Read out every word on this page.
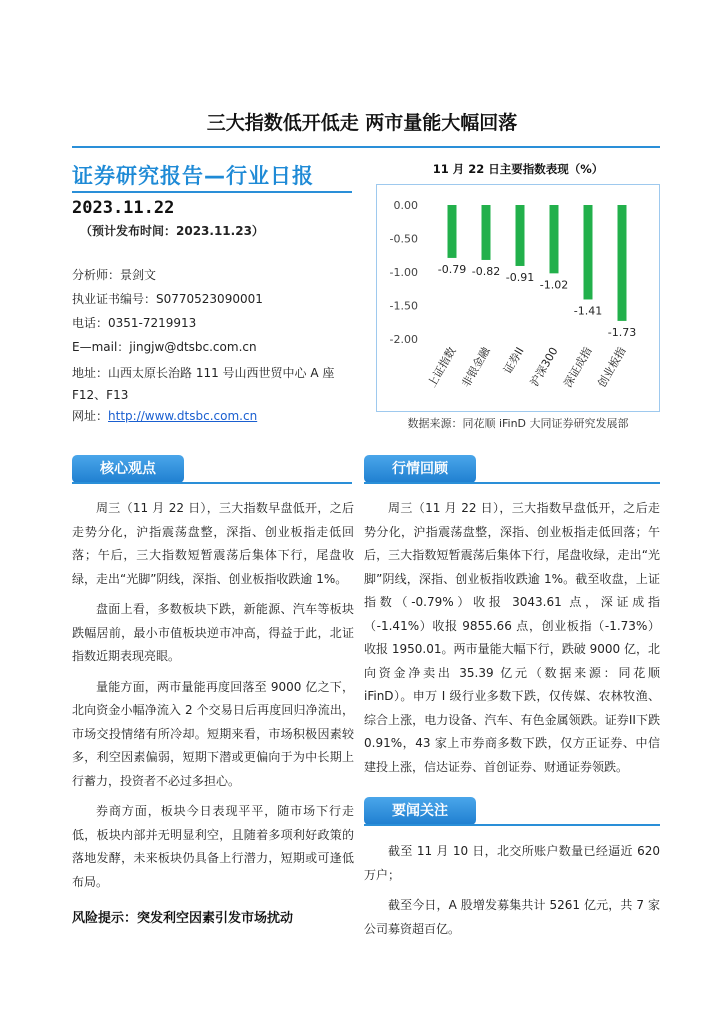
三大指数低开低走 两市量能大幅回落
证券研究报告—行业日报
2023.11.22
（预计发布时间：2023.11.23）
分析师：景剑文
执业证书编号：S0770523090001
电话：0351-7219913
E—mail：jingjw@dtsbc.com.cn
地址：山西太原长治路 111 号山西世贸中心 A 座
F12、F13
网址：http://www.dtsbc.com.cn
11 月 22 日主要指数表现（%）
0.00
-0.50
-1.00
-1.50
-2.00
-0.79 -0.82 -0.91
-1.02
-1.41
-1.73
上证指数 非银金融 证券II 沪深300 深证成指 创业板指
数据来源：同花顺 iFinD 大同证券研究发展部
核心观点

周三（11 月 22 日），三大指数早盘低开，之后走势分化，沪指震荡盘整，深指、创业板指走低回落；午后，三大指数短暂震荡后集体下行，尾盘收绿，走出“光脚”阴线，深指、创业板指收跌逾 1%。

盘面上看，多数板块下跌，新能源、汽车等板块跌幅居前，最小市值板块逆市冲高，得益于此，北证指数近期表现亮眼。

量能方面，两市量能再度回落至 9000 亿之下，北向资金小幅净流入 2 个交易日后再度回归净流出，市场交投情绪有所冷却。短期来看，市场积极因素较多，利空因素偏弱，短期下潜或更偏向于为中长期上行蓄力，投资者不必过多担心。

券商方面，板块今日表现平平，随市场下行走低，板块内部并无明显利空，且随着多项利好政策的落地发酵，未来板块仍具备上行潜力，短期或可逢低布局。

风险提示：突发利空因素引发市场扰动
行情回顾

周三（11 月 22 日），三大指数早盘低开，之后走势分化，沪指震荡盘整，深指、创业板指走低回落；午后，三大指数短暂震荡后集体下行，尾盘收绿，走出“光脚”阴线，深指、创业板指收跌逾 1%。截至收盘，上证指数（-0.79%）收报 3043.61 点，深证成指（-1.41%）收报 9855.66 点，创业板指（-1.73%）收报 1950.01。两市量能大幅下行，跌破 9000 亿，北向资金净卖出 35.39 亿元（数据来源：同花顺 iFinD）。申万 I 级行业多数下跌，仅传媒、农林牧渔、综合上涨，电力设备、汽车、有色金属领跌。证券II下跌 0.91%，43 家上市券商多数下跌，仅方正证券、中信建投上涨，信达证券、首创证券、财通证券领跌。

要闻关注

截至 11 月 10 日，北交所账户数量已经逼近 620 万户；

截至今日，A 股增发募集共计 5261 亿元，共 7 家公司募资超百亿。
